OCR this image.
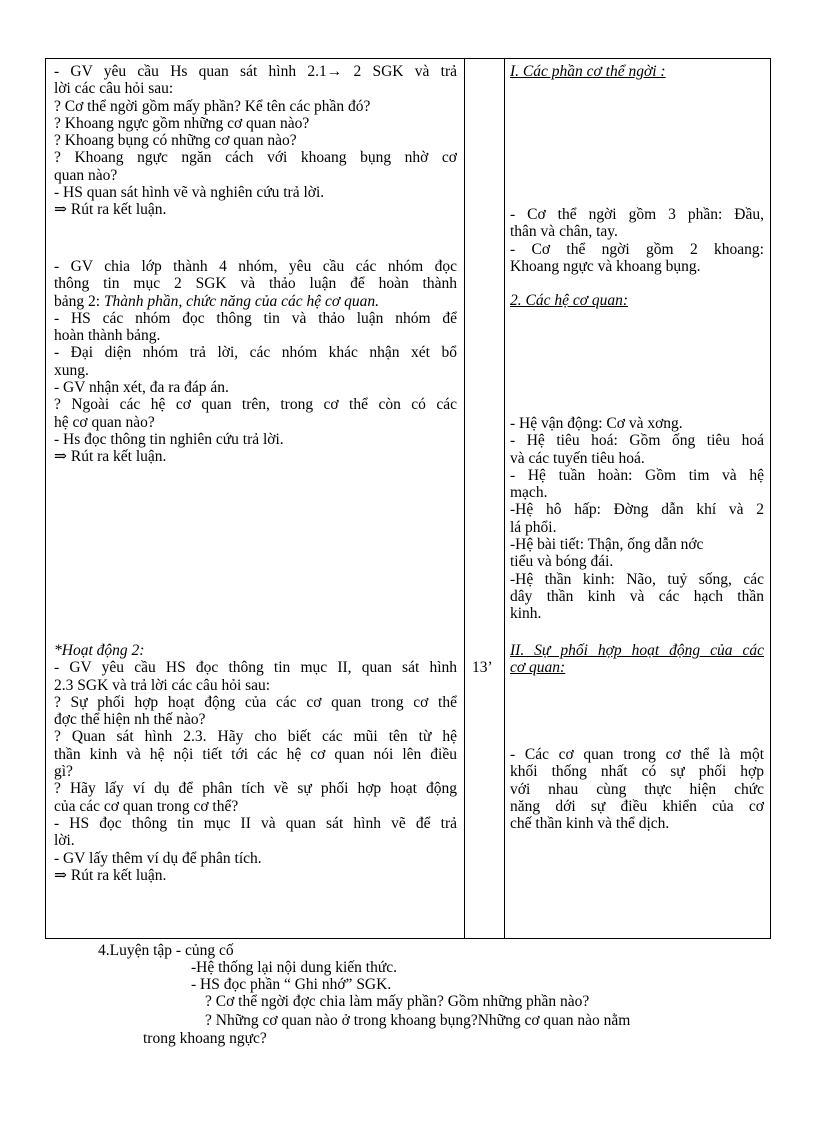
- GV yêu cầu Hs quan sát hình 2.1→ 2 SGK và trả

lời các câu hỏi sau:

? Cơ thể ngời gồm mấy phần? Kể tên các phần đó?

? Khoang ngực gồm những cơ quan nào?

? Khoang bụng có những cơ quan nào?

? Khoang ngực ngăn cách với khoang bụng nhờ cơ

quan nào?

- HS quan sát hình vẽ và nghiên cứu trả lời.

⇒ Rút ra kết luận.

- GV chia lớp thành 4 nhóm, yêu cầu các nhóm đọc

thông tin mục 2 SGK và thảo luận để hoàn thành

bảng 2: Thành phần, chức năng của các hệ cơ quan.

- HS các nhóm đọc thông tin và thảo luận nhóm để

hoàn thành bảng.

- Đại diện nhóm trả lời, các nhóm khác nhận xét bổ

xung.

- GV nhận xét, đa ra đáp án.

? Ngoài các hệ cơ quan trên, trong cơ thể còn có các

hệ cơ quan nào?

- Hs đọc thông tin nghiên cứu trả lời.

⇒ Rút ra kết luận.

*Hoạt động 2:

- GV yêu cầu HS đọc thông tin mục II, quan sát hình

2.3 SGK và trả lời các câu hỏi sau:

? Sự phối hợp hoạt động của các cơ quan trong cơ thể

đợc thể hiện nh thế nào?

? Quan sát hình 2.3. Hãy cho biết các mũi tên từ hệ

thần kinh và hệ nội tiết tới các hệ cơ quan nói lên điều

gì?

? Hãy lấy ví dụ để phân tích về sự phối hợp hoạt động

của các cơ quan trong cơ thể?

- HS đọc thông tin mục II và quan sát hình vẽ để trả

lời.

- GV lấy thêm ví dụ để phân tích.

⇒ Rút ra kết luận.

13’

I. Các phần cơ thể ngời :

- Cơ thể ngời gồm 3 phần: Đầu,

thân và chân, tay.

- Cơ thể ngời gồm 2 khoang:

Khoang ngực và khoang bụng.

2. Các hệ cơ quan:

- Hệ vận động: Cơ và xơng.

- Hệ tiêu hoá: Gồm ống tiêu hoá

và các tuyến tiêu hoá.

- Hệ tuần hoàn: Gồm tim và hệ

mạch.

-Hệ hô hấp: Đờng dẫn khí và 2

lá phổi.

-Hệ bài tiết: Thận, ống dẫn nớc

tiểu và bóng đái.

-Hệ thần kinh: Não, tuỷ sống, các

dây thần kinh và các hạch thần

kinh.

II. Sự phối hợp hoạt động của các

cơ quan:

- Các cơ quan trong cơ thể là một

khối thống nhất có sự phối hợp

với nhau cùng thực hiện chức

năng dới sự điều khiển của cơ

chế thần kinh và thể dịch.

4.Luyện tập - củng cố
-Hệ thống lại nội dung kiến thức.
- HS đọc phần “ Ghi nhớ” SGK.
? Cơ thể ngời đợc chia làm mấy phần? Gồm những phần nào?
? Những cơ quan nào ở trong khoang bụng?Những cơ quan nào nằm
trong khoang ngực?
